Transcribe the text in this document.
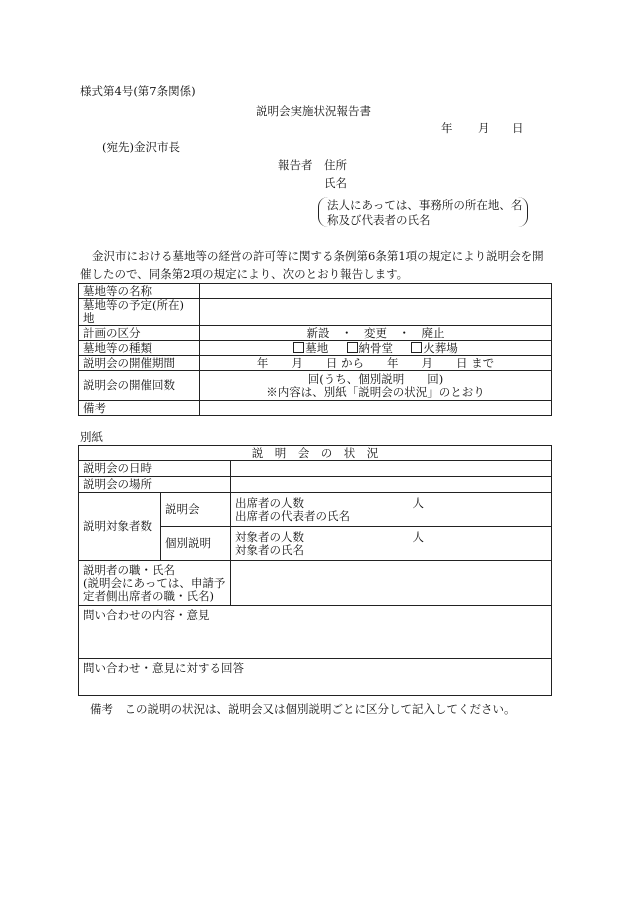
様式第4号(第7条関係)
説明会実施状況報告書
年 月 日
(宛先)金沢市長
報告者 住所
氏名
法人にあっては、事務所の所在地、名
称及び代表者の氏名
金沢市における墓地等の経営の許可等に関する条例第6条第1項の規定により説明会を開
催したので、同条第2項の規定により、次のとおり報告します。
墓地等の名称	
墓地等の予定(所在)地	
計画の区分	新設　・　変更　・　廃止
墓地等の種類	墓地 納骨堂 火葬場
説明会の開催期間	年　　月　　日 から　　年　　月　　日 まで
説明会の開催回数	回(うち、個別説明　　回)
※内容は、別紙「説明会の状況」のとおり

備考	
別紙
説　明　会　の　状　況		
説明会の日時		
説明会の場所		
説明対象者数	説明会	出席者の人数 人
出席者の代表者の氏名

	個別説明	対象者の人数 人
対象者の氏名

説明者の職・氏名
(説明会にあっては、申請予
定者側出席者の職・氏名)		

問い合わせの内容・意見		
問い合わせ・意見に対する回答		
備考　この説明の状況は、説明会又は個別説明ごとに区分して記入してください。
